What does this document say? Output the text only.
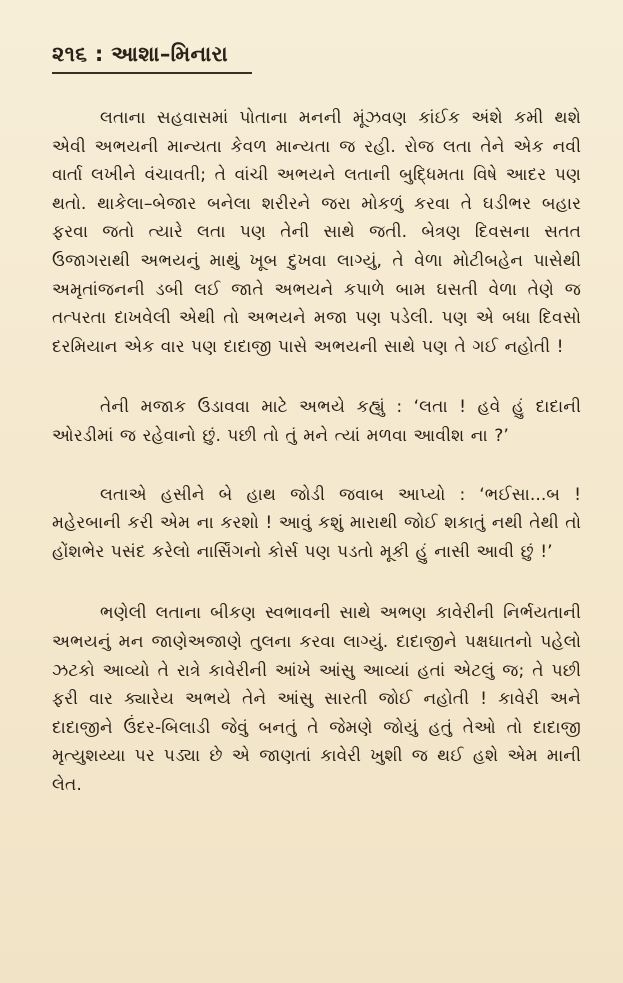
૨૧૬ : આશા–મિનારા

લતાના સહવાસમાં પોતાના મનની મૂંઝવણ કાંઈક અંશે કમી થશે એવી અભયની માન્યતા કેવળ માન્યતા જ રહી. રોજ લતા તેને એક નવી વાર્તા લખીને વંચાવતી; તે વાંચી અભયને લતાની બુદ્ધિમતા વિષે આદર પણ થતો. થાકેલા–બેજાર બનેલા શરીરને જરા મોકળું કરવા તે ઘડીભર બહાર ફરવા જતો ત્યારે લતા પણ તેની સાથે જતી. બેત્રણ દિવસના સતત ઉજાગરાથી અભયનું માથું ખૂબ દુખવા લાગ્યું, તે વેળા મોટીબહેન પાસેથી અમૃતાંજનની ડબી લઈ જાતે અભયને કપાળે બામ ઘસતી વેળા તેણે જ તત્પરતા દાખવેલી એથી તો અભયને મજા પણ પડેલી. પણ એ બધા દિવસો દરમિયાન એક વાર પણ દાદાજી પાસે અભયની સાથે પણ તે ગઈ નહોતી !

તેની મજાક ઉડાવવા માટે અભયે કહ્યું : ‘લતા ! હવે હું દાદાની ઓરડીમાં જ રહેવાનો છું. પછી તો તું મને ત્યાં મળવા આવીશ ના ?’

લતાએ હસીને બે હાથ જોડી જવાબ આપ્યો : ‘ભઈસા...બ ! મહેરબાની કરી એમ ના કરશો ! આવું કશું મારાથી જોઈ શકાતું નથી તેથી તો હોંશભેર પસંદ કરેલો નાર્સિંગનો કોર્સ પણ પડતો મૂકી હું નાસી આવી છું !’

ભણેલી લતાના બીકણ સ્વભાવની સાથે અભણ કાવેરીની નિર્ભયતાની અભયનું મન જાણેઅજાણે તુલના કરવા લાગ્યું. દાદાજીને પક્ષઘાતનો પહેલો ઝટકો આવ્યો તે રાત્રે કાવેરીની આંખે આંસુ આવ્યાં હતાં એટલું જ; તે પછી ફરી વાર ક્યારેય અભયે તેને આંસુ સારતી જોઈ નહોતી ! કાવેરી અને દાદાજીને ઉંદર-બિલાડી જેવું બનતું તે જેમણે જોયું હતું તેઓ તો દાદાજી મૃત્યુશય્યા પર પડ્યા છે એ જાણતાં કાવેરી ખુશી જ થઈ હશે એમ માની લેત.
